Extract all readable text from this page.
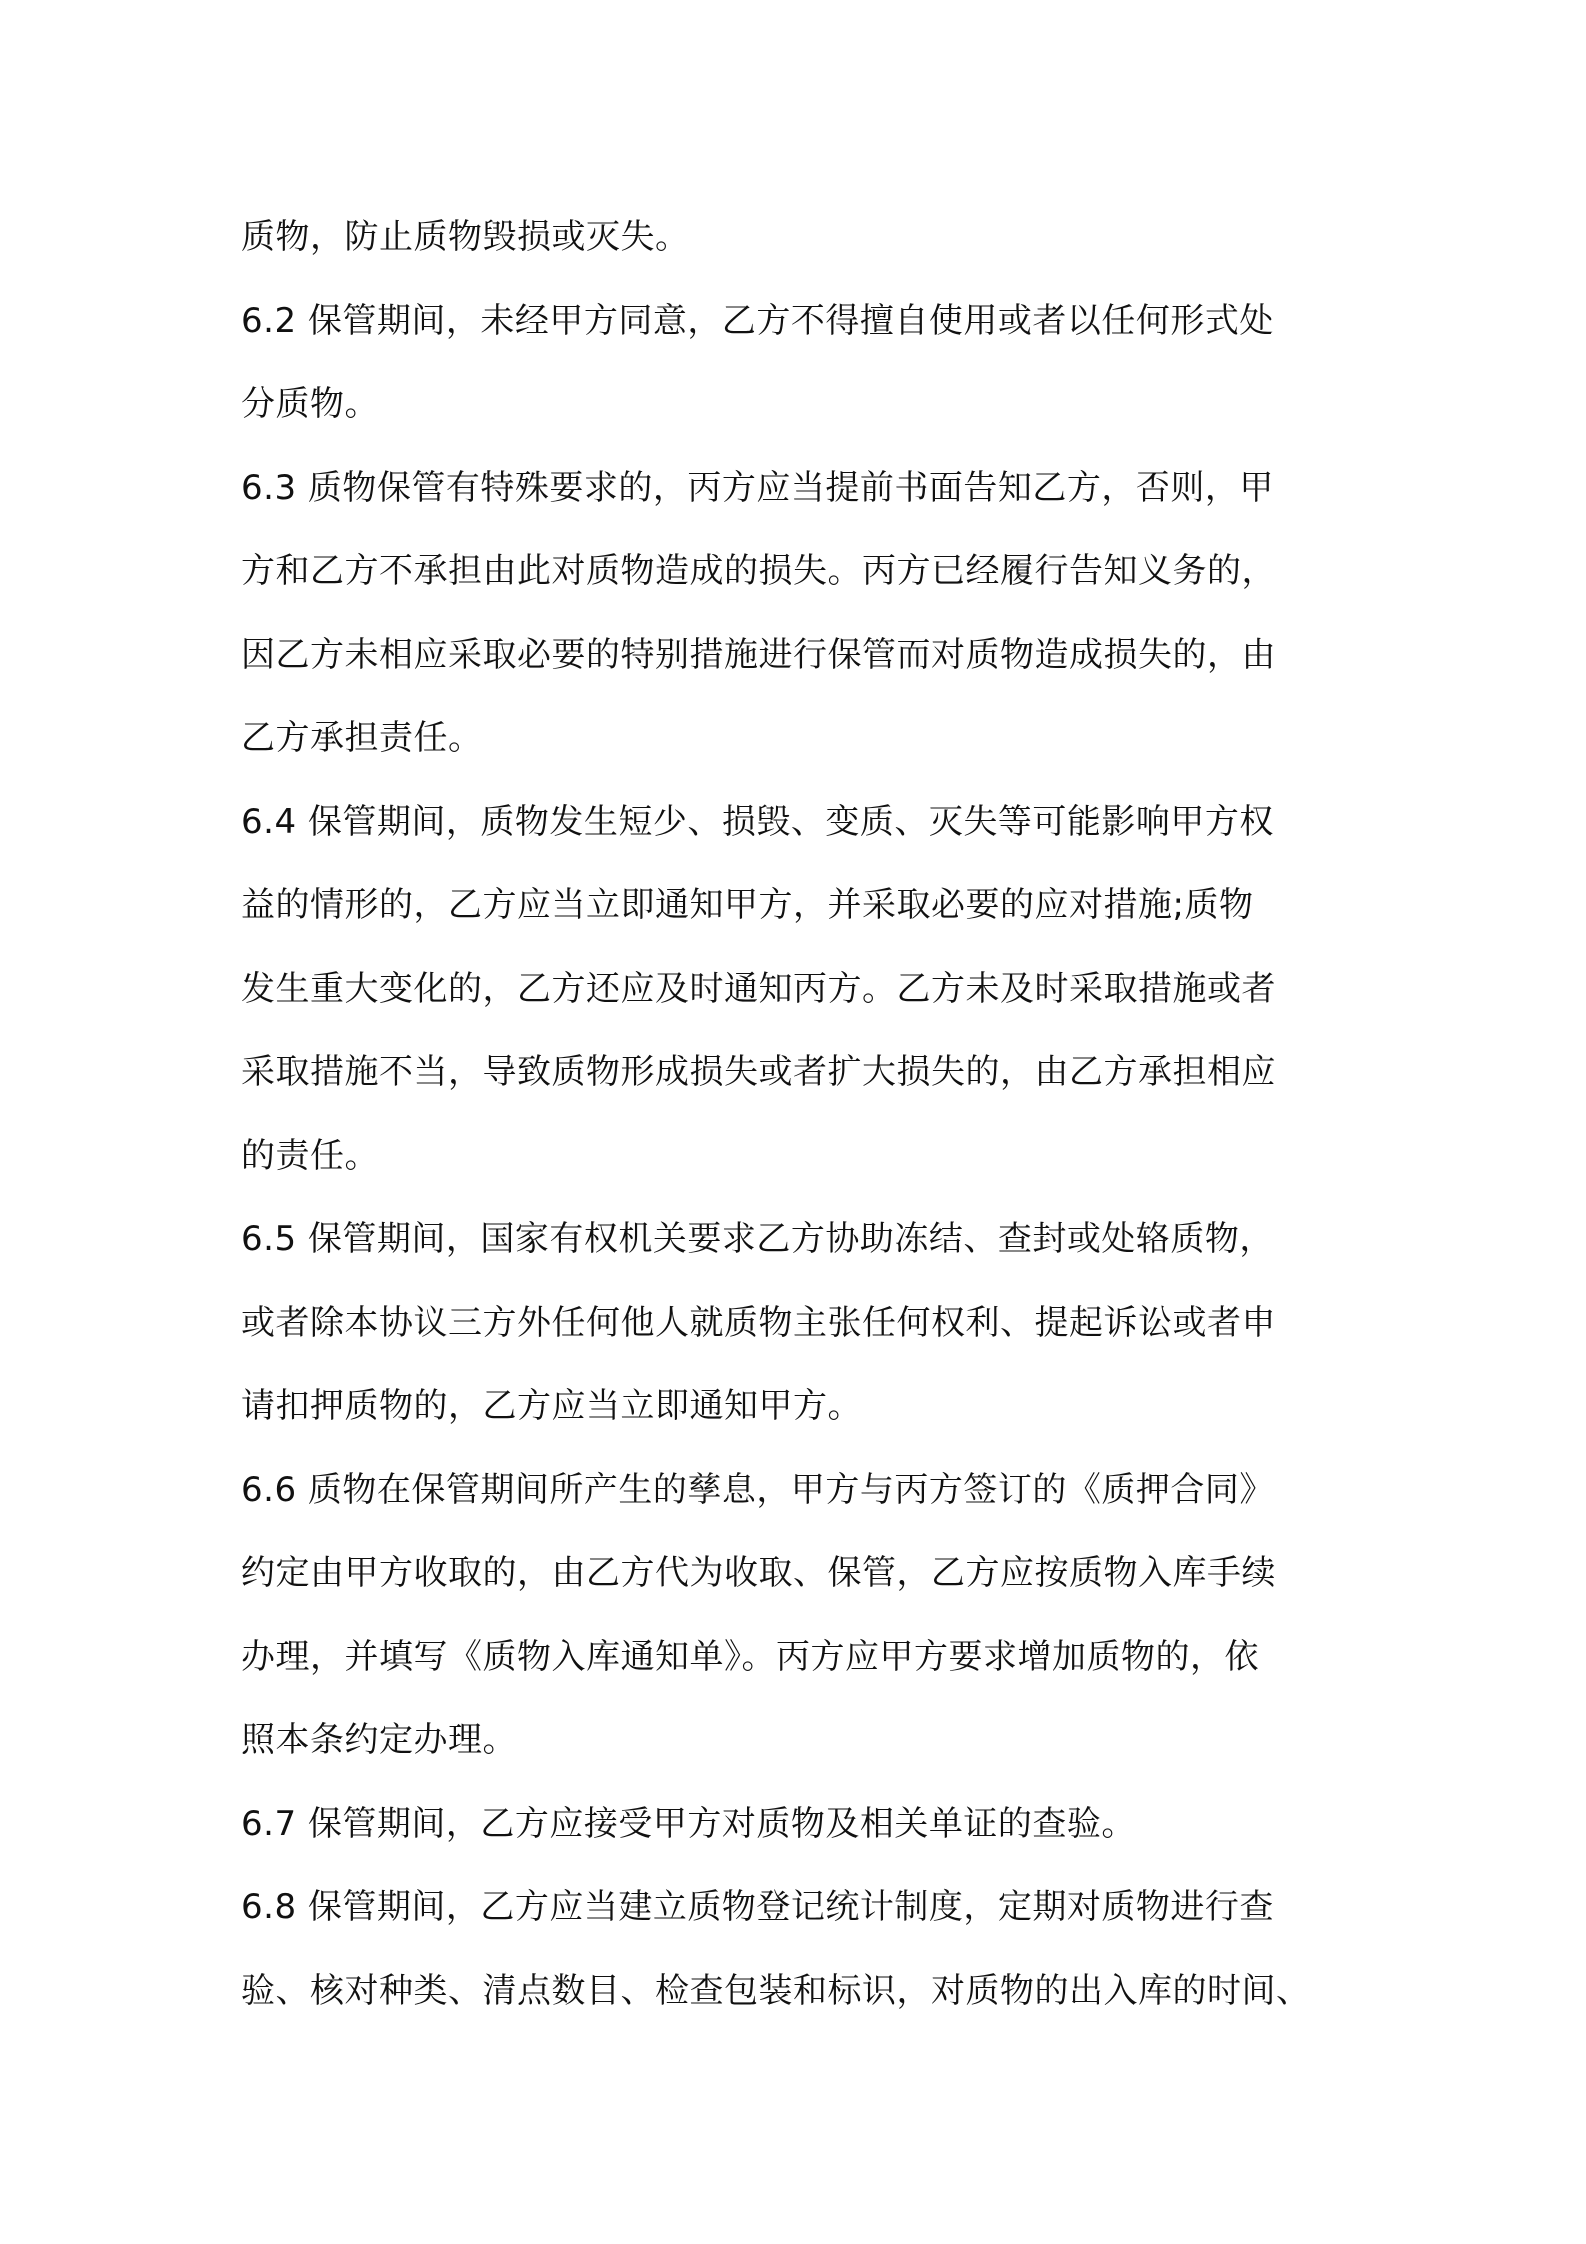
质物，防止质物毁损或灭失。
6.2 保管期间，未经甲方同意，乙方不得擅自使用或者以任何形式处
分质物。
6.3 质物保管有特殊要求的，丙方应当提前书面告知乙方，否则，甲
方和乙方不承担由此对质物造成的损失。丙方已经履行告知义务的，
因乙方未相应采取必要的特别措施进行保管而对质物造成损失的，由
乙方承担责任。
6.4 保管期间，质物发生短少、损毁、变质、灭失等可能影响甲方权
益的情形的，乙方应当立即通知甲方，并采取必要的应对措施;质物
发生重大变化的，乙方还应及时通知丙方。乙方未及时采取措施或者
采取措施不当，导致质物形成损失或者扩大损失的，由乙方承担相应
的责任。
6.5 保管期间，国家有权机关要求乙方协助冻结、查封或处辂质物，
或者除本协议三方外任何他人就质物主张任何权利、提起诉讼或者申
请扣押质物的，乙方应当立即通知甲方。
6.6 质物在保管期间所产生的孳息，甲方与丙方签订的《质押合同》
约定由甲方收取的，由乙方代为收取、保管，乙方应按质物入库手续
办理，并填写《质物入库通知单》。丙方应甲方要求增加质物的，依
照本条约定办理。
6.7 保管期间，乙方应接受甲方对质物及相关单证的查验。
6.8 保管期间，乙方应当建立质物登记统计制度，定期对质物进行查
验、核对种类、清点数目、检查包装和标识，对质物的出入库的时间、
